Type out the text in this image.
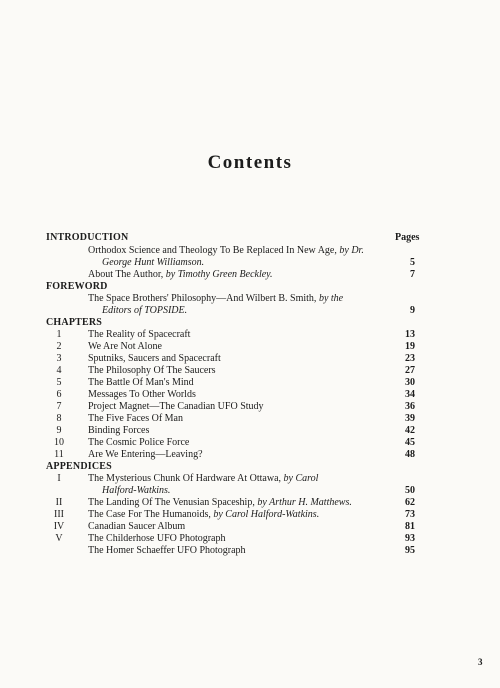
Contents
INTRODUCTION	Pages
Orthodox Science and Theology To Be Replaced In New Age, by Dr.
George Hunt Williamson.	5
About The Author, by Timothy Green Beckley.	7
FOREWORD
The Space Brothers' Philosophy—And Wilbert B. Smith, by the
Editors of TOPSIDE.	9
CHAPTERS
1	The Reality of Spacecraft	13
2	We Are Not Alone	19
3	Sputniks, Saucers and Spacecraft	23
4	The Philosophy Of The Saucers	27
5	The Battle Of Man's Mind	30
6	Messages To Other Worlds	34
7	Project Magnet—The Canadian UFO Study	36
8	The Five Faces Of Man	39
9	Binding Forces	42
10	The Cosmic Police Force	45
11	Are We Entering—Leaving?	48
APPENDICES
I	The Mysterious Chunk Of Hardware At Ottawa, by Carol
Halford-Watkins.	50
II	The Landing Of The Venusian Spaceship, by Arthur H. Matthews.	62
III	The Case For The Humanoids, by Carol Halford-Watkins.	73
IV	Canadian Saucer Album	81
V	The Childerhose UFO Photograph	93
The Homer Schaeffer UFO Photograph	95
3
